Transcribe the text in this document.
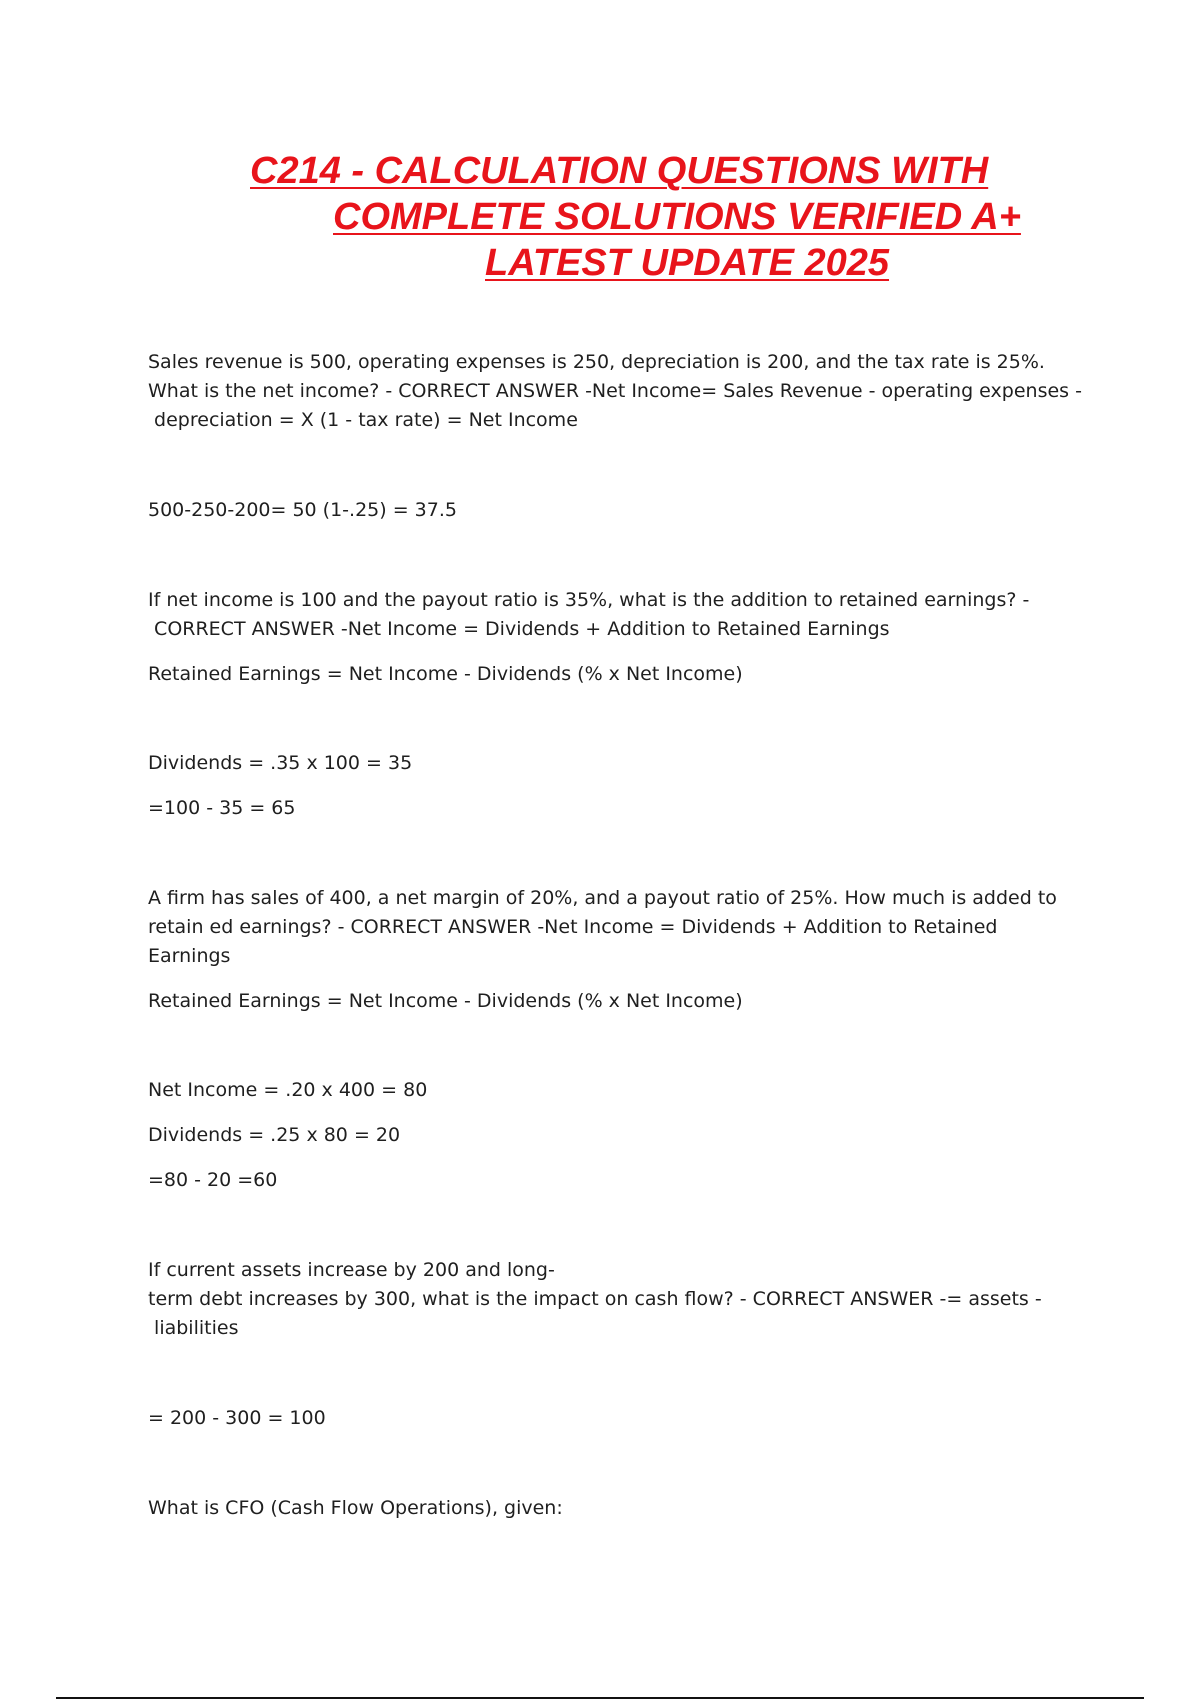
C214 - CALCULATION QUESTIONS WITH
COMPLETE SOLUTIONS VERIFIED A+
LATEST UPDATE 2025

Sales revenue is 500, operating expenses is 250, depreciation is 200, and the tax rate is 25%. What is the net income? - CORRECT ANSWER -Net Income= Sales Revenue - operating expenses -
depreciation = X (1 - tax rate) = Net Income

500-250-200= 50 (1-.25) = 37.5

If net income is 100 and the payout ratio is 35%, what is the addition to retained earnings? -
CORRECT ANSWER -Net Income = Dividends + Addition to Retained Earnings

Retained Earnings = Net Income - Dividends (% x Net Income)

Dividends = .35 x 100 = 35

=100 - 35 = 65

A firm has sales of 400, a net margin of 20%, and a payout ratio of 25%. How much is added to retain ed earnings? - CORRECT ANSWER -Net Income = Dividends + Addition to Retained Earnings

Retained Earnings = Net Income - Dividends (% x Net Income)

Net Income = .20 x 400 = 80

Dividends = .25 x 80 = 20

=80 - 20 =60

If current assets increase by 200 and long-
term debt increases by 300, what is the impact on cash flow? - CORRECT ANSWER -= assets -
liabilities

= 200 - 300 = 100

What is CFO (Cash Flow Operations), given:
